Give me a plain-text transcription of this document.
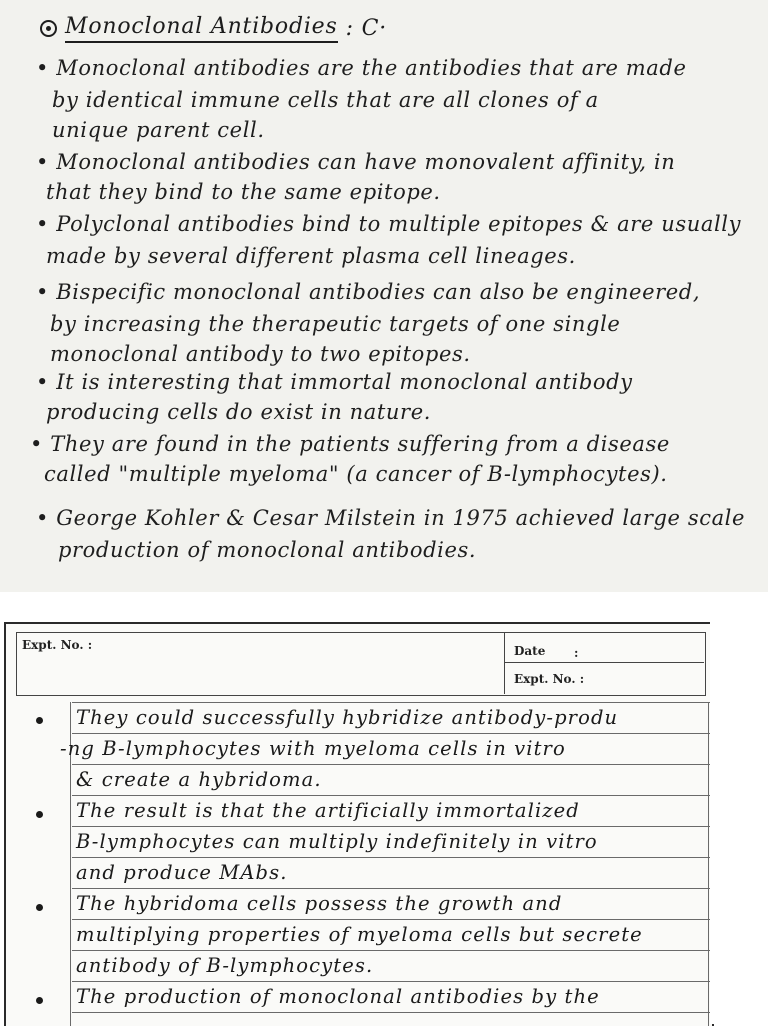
Monoclonal Antibodies : C·
• Monoclonal antibodies are the antibodies that are made
by identical immune cells that are all clones of a
unique parent cell.
• Monoclonal antibodies can have monovalent affinity, in
that they bind to the same epitope.
• Polyclonal antibodies bind to multiple epitopes & are usually
made by several different plasma cell lineages.
• Bispecific monoclonal antibodies can also be engineered,
by increasing the therapeutic targets of one single
monoclonal antibody to two epitopes.
• It is interesting that immortal monoclonal antibody
producing cells do exist in nature.
• They are found in the patients suffering from a disease
called "multiple myeloma" (a cancer of B-lymphocytes).
• George Kohler & Cesar Milstein in 1975 achieved large scale
production of monoclonal antibodies.
Expt. No. :	Date :
Expt. No. :
They could successfully hybridize antibody-produ
-ng B-lymphocytes with myeloma cells in vitro
& create a hybridoma.
The result is that the artificially immortalized
B-lymphocytes can multiply indefinitely in vitro
and produce MAbs.
The hybridoma cells possess the growth and
multiplying properties of myeloma cells but secrete
antibody of B-lymphocytes.
The production of monoclonal antibodies by the
